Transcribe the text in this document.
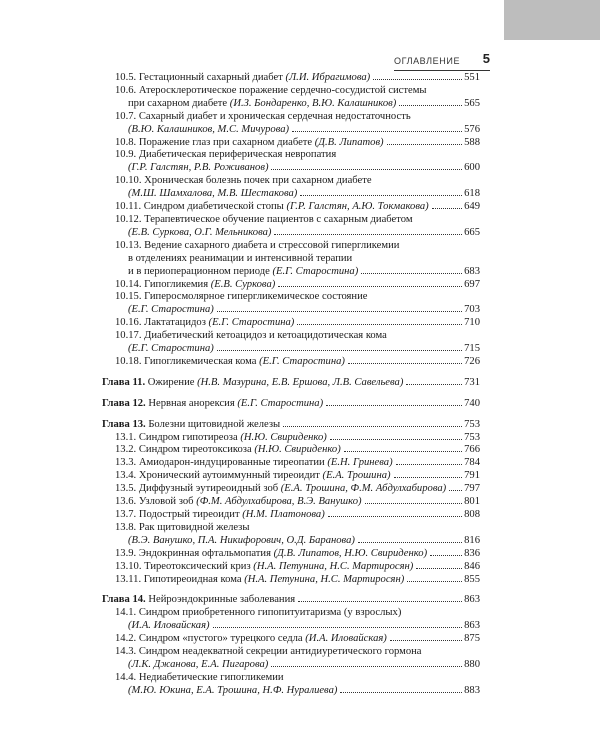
ОГЛАВЛЕНИЕ 5
10.5. Гестационный сахарный диабет (Л.И. Ибрагимова)	551
10.6. Атеросклеротическое поражение сердечно-сосудистой системы
при сахарном диабете (И.З. Бондаренко, В.Ю. Калашников)	565
10.7. Сахарный диабет и хроническая сердечная недостаточность
(В.Ю. Калашников, М.С. Мичурова)	576
10.8. Поражение глаз при сахарном диабете (Д.В. Липатов)	588
10.9. Диабетическая периферическая невропатия
(Г.Р. Галстян, Р.В. Роживанов)	600
10.10. Хроническая болезнь почек при сахарном диабете
(М.Ш. Шамхалова, М.В. Шестакова)	618
10.11. Синдром диабетической стопы (Г.Р. Галстян, А.Ю. Токмакова)	649
10.12. Терапевтическое обучение пациентов с сахарным диабетом
(Е.В. Суркова, О.Г. Мельникова)	665
10.13. Ведение сахарного диабета и стрессовой гипергликемии
в отделениях реанимации и интенсивной терапии
и в периоперационном периоде (Е.Г. Старостина)	683
10.14. Гипогликемия (Е.В. Суркова)	697
10.15. Гиперосмолярное гипергликемическое состояние
(Е.Г. Старостина)	703
10.16. Лактатацидоз (Е.Г. Старостина)	710
10.17. Диабетический кетоацидоз и кетоацидотическая кома
(Е.Г. Старостина)	715
10.18. Гипогликемическая кома (Е.Г. Старостина)	726
Глава 11. Ожирение (Н.В. Мазурина, Е.В. Ершова, Л.В. Савельева)	731
Глава 12. Нервная анорексия (Е.Г. Старостина)	740
Глава 13. Болезни щитовидной железы	753
13.1. Синдром гипотиреоза (Н.Ю. Свириденко)	753
13.2. Синдром тиреотоксикоза (Н.Ю. Свириденко)	766
13.3. Амиодарон-индуцированные тиреопатии (Е.Н. Гринева)	784
13.4. Хронический аутоиммунный тиреоидит (Е.А. Трошина)	791
13.5. Диффузный эутиреоидный зоб (Е.А. Трошина, Ф.М. Абдулхабирова) 797
13.6. Узловой зоб (Ф.М. Абдулхабирова, В.Э. Ванушко)	801
13.7. Подострый тиреоидит (Н.М. Платонова)	808
13.8. Рак щитовидной железы
(В.Э. Ванушко, П.А. Никифорович, О.Д. Баранова)	816
13.9. Эндокринная офтальмопатия (Д.В. Липатов, Н.Ю. Свириденко)	836
13.10. Тиреотоксический криз (Н.А. Петунина, Н.С. Мартиросян)	846
13.11. Гипотиреоидная кома (Н.А. Петунина, Н.С. Мартиросян)	855
Глава 14. Нейроэндокринные заболевания	863
14.1. Синдром приобретенного гипопитуитаризма (у взрослых)
(И.А. Иловайская)	863
14.2. Синдром «пустого» турецкого седла (И.А. Иловайская)	875
14.3. Синдром неадекватной секреции антидиуретического гормона
(Л.К. Джанова, Е.А. Пигарова)	880
14.4. Недиабетические гипогликемии
(М.Ю. Юкина, Е.А. Трошина, Н.Ф. Нуралиева)	883
